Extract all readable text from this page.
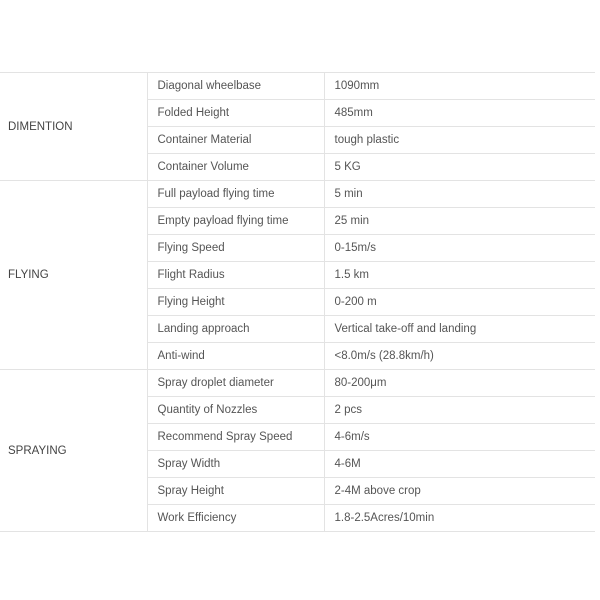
DIMENTION	Diagonal wheelbase	1090mm
	Folded Height	485mm
	Container Material	tough plastic
	Container Volume	5 KG
FLYING	Full payload flying time	5 min
	Empty payload flying time	25 min
	Flying Speed	0-15m/s
	Flight Radius	1.5 km
	Flying Height	0-200 m
	Landing approach	Vertical take-off and landing
	Anti-wind	<8.0m/s (28.8km/h)
SPRAYING	Spray droplet diameter	80-200μm
	Quantity of Nozzles	2 pcs
	Recommend Spray Speed	4-6m/s
	Spray Width	4-6M
	Spray Height	2-4M above crop
	Work Efficiency	1.8-2.5Acres/10min
